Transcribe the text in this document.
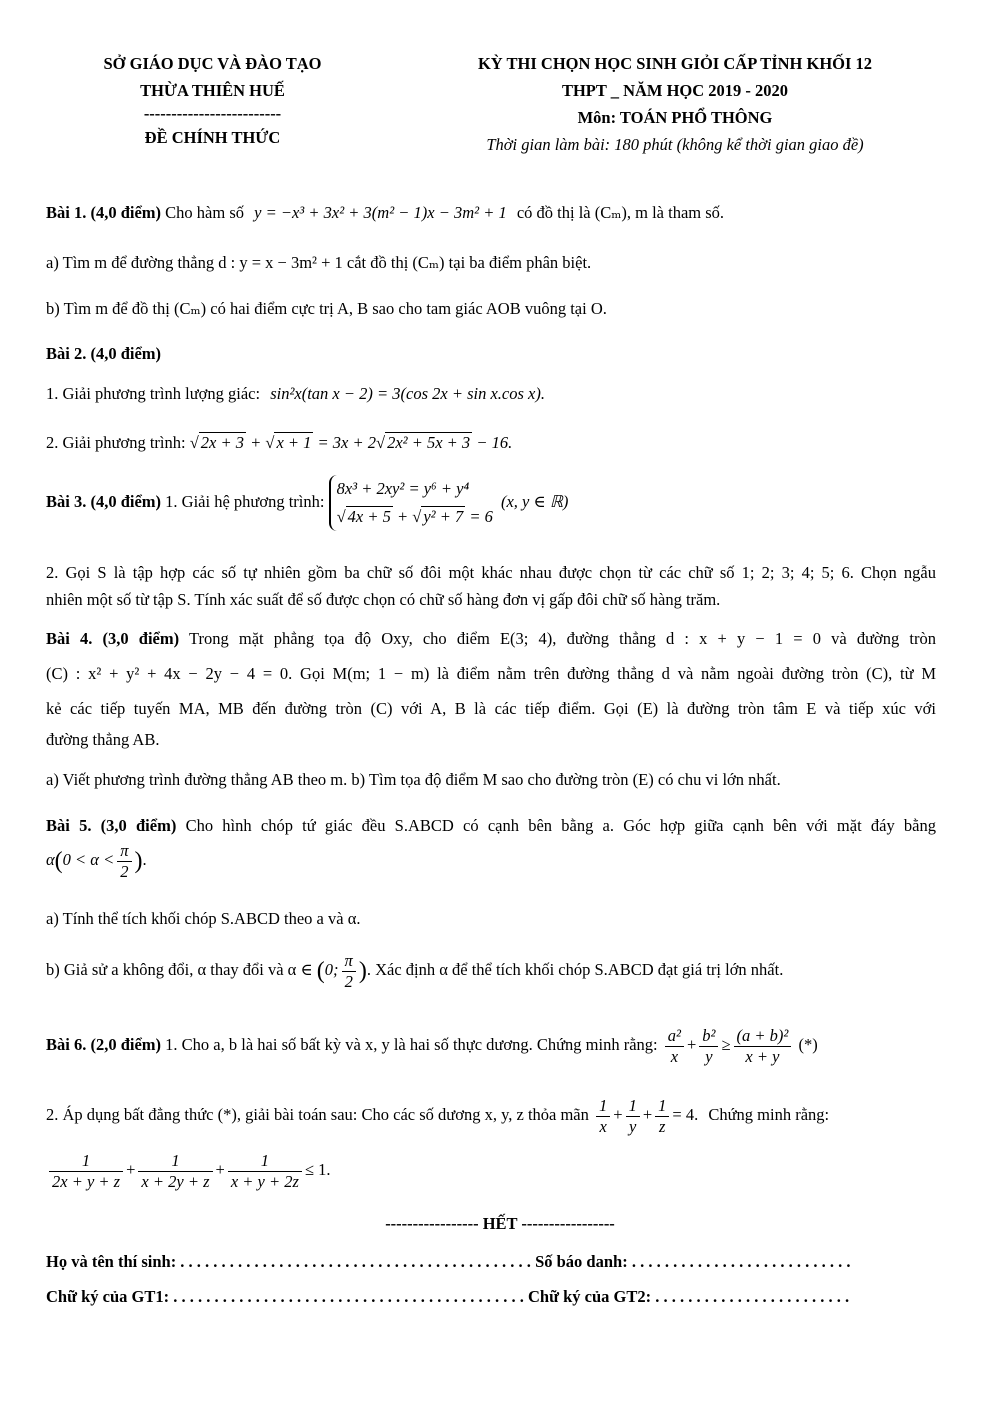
SỞ GIÁO DỤC VÀ ĐÀO TẠO
THỪA THIÊN HUẾ
-------------------------
ĐỀ CHÍNH THỨC
KỲ THI CHỌN HỌC SINH GIỎI CẤP TỈNH KHỐI 12
THPT _ NĂM HỌC 2019 - 2020
Môn: TOÁN PHỔ THÔNG
Thời gian làm bài: 180 phút (không kể thời gian giao đề)
Bài 1. (4,0 điểm) Cho hàm số y = −x³ + 3x² + 3(m² − 1)x − 3m² + 1 có đồ thị là (Cₘ), m là tham số.
a) Tìm m để đường thẳng d : y = x − 3m² + 1 cắt đồ thị (Cₘ) tại ba điểm phân biệt.
b) Tìm m để đồ thị (Cₘ) có hai điểm cực trị A, B sao cho tam giác AOB vuông tại O.
Bài 2. (4,0 điểm)
1. Giải phương trình lượng giác: sin²x(tan x − 2) = 3(cos 2x + sin x.cos x).
2. Giải phương trình: √ 2x + 3 + √ x + 1 = 3x + 2√ 2x² + 5x + 3 − 16.
Bài 3. (4,0 điểm) 1. Giải hệ phương trình:
8x³ + 2xy² = y⁶ + y⁴
√ 4x + 5 + √ y² + 7 = 6
(x, y ∈ ℝ)
2. Gọi S là tập hợp các số tự nhiên gồm ba chữ số đôi một khác nhau được chọn từ các chữ số 1; 2; 3; 4; 5; 6. Chọn ngẫu
nhiên một số từ tập S. Tính xác suất để số được chọn có chữ số hàng đơn vị gấp đôi chữ số hàng trăm.
Bài 4. (3,0 điểm) Trong mặt phẳng tọa độ Oxy, cho điểm E(3; 4), đường thẳng d : x + y − 1 = 0 và đường tròn
(C) : x² + y² + 4x − 2y − 4 = 0. Gọi M(m; 1 − m) là điểm nằm trên đường thẳng d và nằm ngoài đường tròn (C), từ M
kẻ các tiếp tuyến MA, MB đến đường tròn (C) với A, B là các tiếp điểm. Gọi (E) là đường tròn tâm E và tiếp xúc với
đường thẳng AB.
a) Viết phương trình đường thẳng AB theo m. b) Tìm tọa độ điểm M sao cho đường tròn (E) có chu vi lớn nhất.
Bài 5. (3,0 điểm) Cho hình chóp tứ giác đều S.ABCD có cạnh bên bằng a. Góc hợp giữa cạnh bên với mặt đáy bằng
$\alpha(0 < \alpha < \frac{\pi}{2}$ ).
a) Tính thể tích khối chóp S.ABCD theo a và α.
b) Giả sử a không đổi, α thay đổi và α ∈ (0; $\frac{\pi}{2}$ ). Xác định α để thể tích khối chóp S.ABCD đạt giá trị lớn nhất.
Bài 6. (2,0 điểm) 1. Cho a, b là hai số bất kỳ và x, y là hai số thực dương. Chứng minh rằng: $\frac{\text{a²}}{x} + \frac{\text{b²}}{y} \ge \frac{\text{(a + b)²}}{x + y}$ (*)
2. Áp dụng bất đẳng thức (*), giải bài toán sau: Cho các số dương x, y, z thỏa mãn $\frac{1}{x} + \frac{1}{y} + \frac{1}{z} = 4$. Chứng minh rằng:
$\frac{1}{2x + y + z} + \frac{1}{x + 2y + z} + \frac{1}{x + y + 2z} \le 1$.
----------------- HẾT -----------------
Họ và tên thí sinh: . . . . . . . . . . . . . . . . . . . . . . . . . . . . . . . . . . . . . . . . . . . Số báo danh: . . . . . . . . . . . . . . . . . . . . . . . . . . .
Chữ ký của GT1: . . . . . . . . . . . . . . . . . . . . . . . . . . . . . . . . . . . . . . . . . . . Chữ ký của GT2: . . . . . . . . . . . . . . . . . . . . . . . .
